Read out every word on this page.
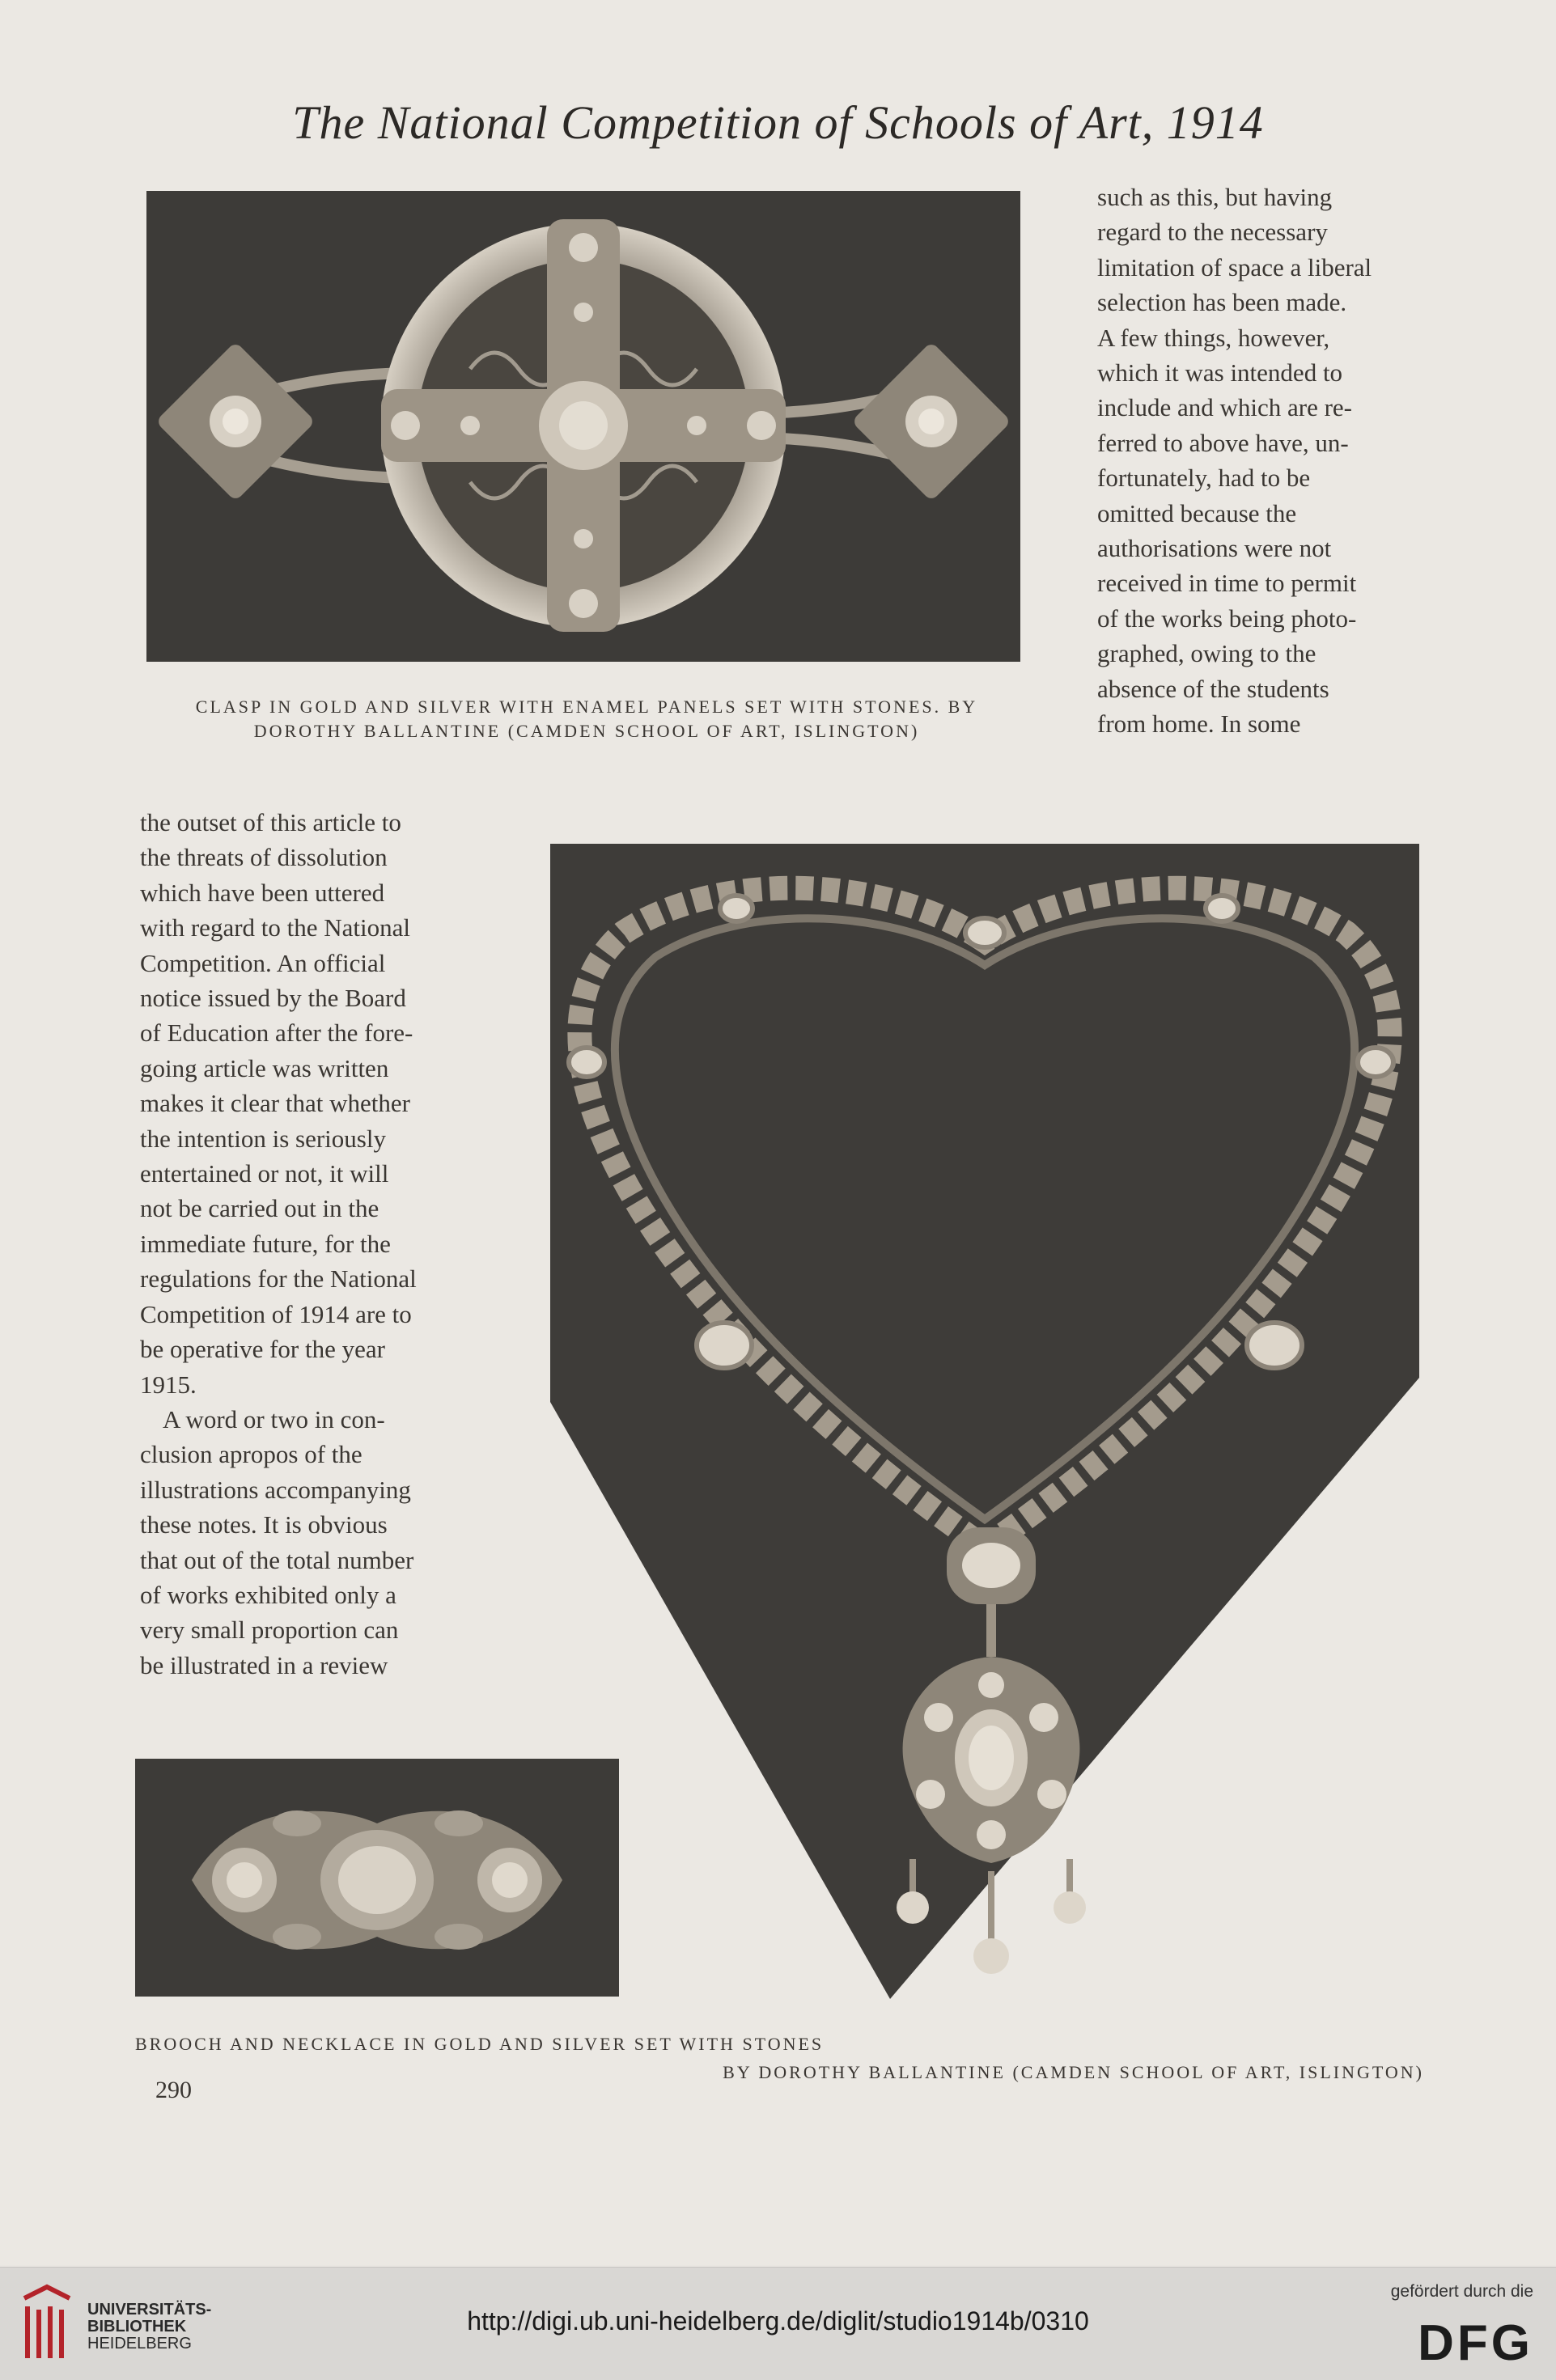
The National Competition of Schools of Art, 1914

such as this, but having

regard to the necessary

limitation of space a liberal

selection has been made.

A few things, however,

which it was intended to

include and which are re-

ferred to above have, un-

fortunately, had to be

omitted because the

authorisations were not

received in time to permit

of the works being photo-

graphed, owing to the

absence of the students

from home. In some

CLASP IN GOLD AND SILVER WITH ENAMEL PANELS SET WITH STONES. BY
DOROTHY BALLANTINE (CAMDEN SCHOOL OF ART, ISLINGTON)

the outset of this article to

the threats of dissolution

which have been uttered

with regard to the National

Competition. An official

notice issued by the Board

of Education after the fore-

going article was written

makes it clear that whether

the intention is seriously

entertained or not, it will

not be carried out in the

immediate future, for the

regulations for the National

Competition of 1914 are to

be operative for the year

1915.

A word or two in con-

clusion apropos of the

illustrations accompanying

these notes. It is obvious

that out of the total number

of works exhibited only a

very small proportion can

be illustrated in a review

BROOCH AND NECKLACE IN GOLD AND SILVER SET WITH STONES
BY DOROTHY BALLANTINE (CAMDEN SCHOOL OF ART, ISLINGTON)
290
UNIVERSITÄTS-
BIBLIOTHEK
HEIDELBERG
http://digi.ub.uni-heidelberg.de/diglit/studio1914b/0310
gefördert durch die
DFG
